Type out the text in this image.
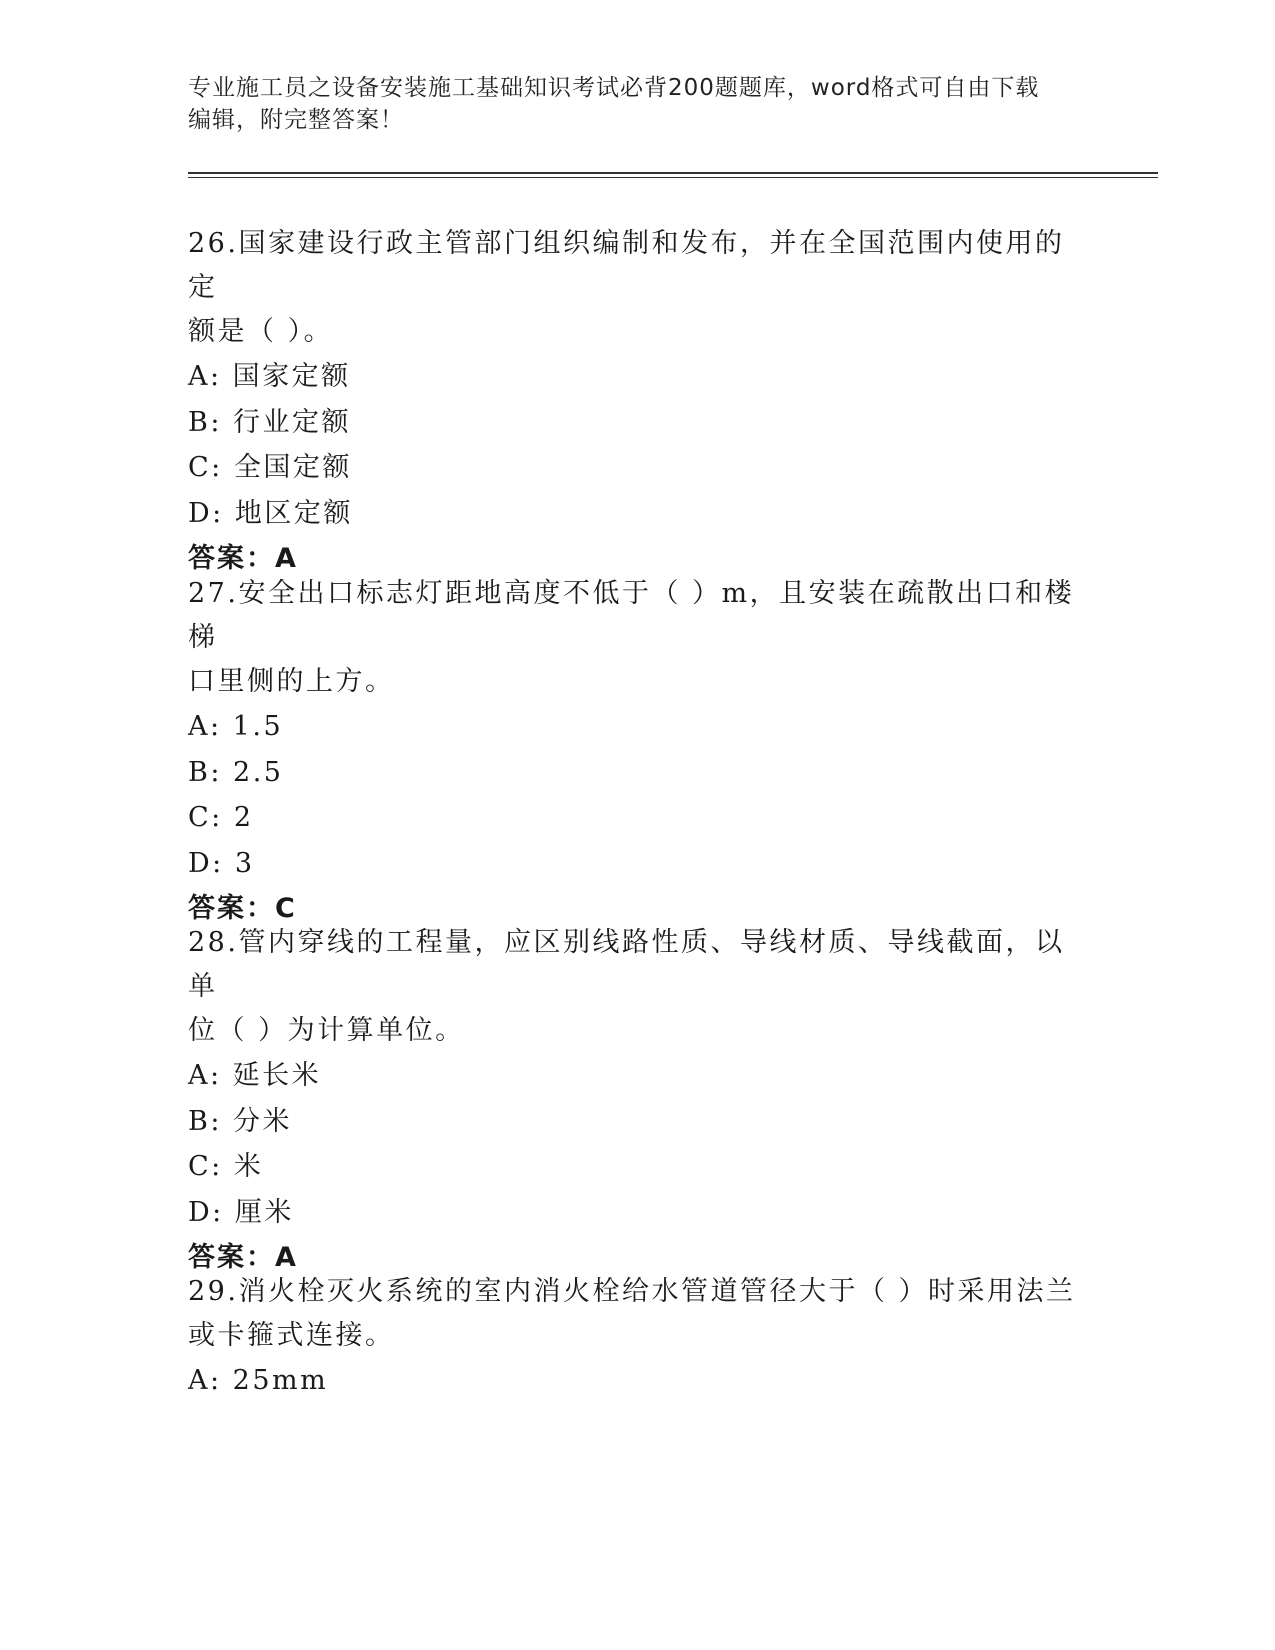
专业施工员之设备安装施工基础知识考试必背200题题库，word格式可自由下载
编辑，附完整答案！

26.国家建设行政主管部门组织编制和发布，并在全国范围内使用的定

额是（ ）。

A: 国家定额

B: 行业定额

C: 全国定额

D: 地区定额

答案：A

27.安全出口标志灯距地高度不低于（ ）m，且安装在疏散出口和楼梯

口里侧的上方。

A: 1.5

B: 2.5

C: 2

D: 3

答案：C

28.管内穿线的工程量，应区别线路性质、导线材质、导线截面，以单

位（ ）为计算单位。

A: 延长米

B: 分米

C: 米

D: 厘米

答案：A

29.消火栓灭火系统的室内消火栓给水管道管径大于（ ）时采用法兰

或卡箍式连接。

A: 25mm
